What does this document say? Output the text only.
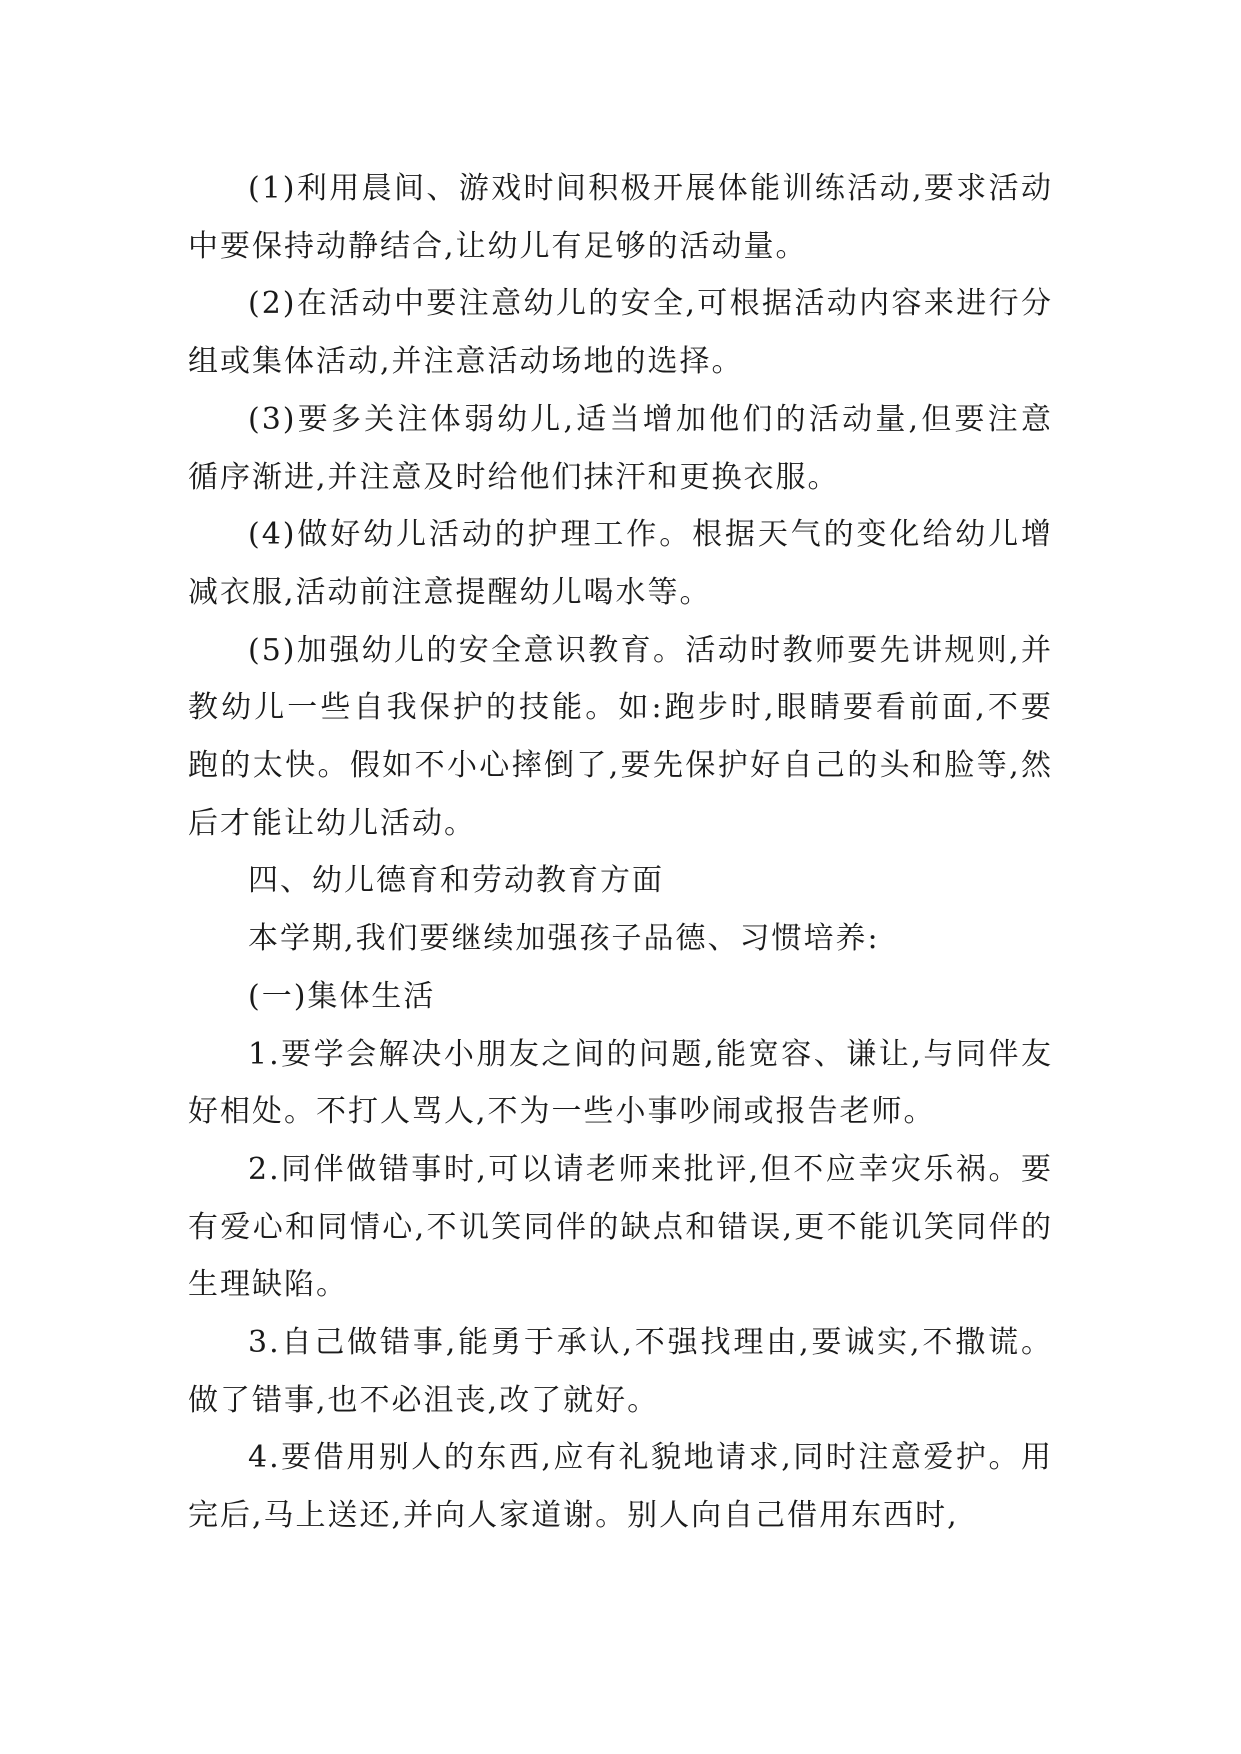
(1)利用晨间、游戏时间积极开展体能训练活动,要求活动中要保持动静结合,让幼儿有足够的活动量。

(2)在活动中要注意幼儿的安全,可根据活动内容来进行分组或集体活动,并注意活动场地的选择。

(3)要多关注体弱幼儿,适当增加他们的活动量,但要注意循序渐进,并注意及时给他们抹汗和更换衣服。

(4)做好幼儿活动的护理工作。根据天气的变化给幼儿增减衣服,活动前注意提醒幼儿喝水等。

(5)加强幼儿的安全意识教育。活动时教师要先讲规则,并教幼儿一些自我保护的技能。如:跑步时,眼睛要看前面,不要跑的太快。假如不小心摔倒了,要先保护好自己的头和脸等,然后才能让幼儿活动。

四、幼儿德育和劳动教育方面

本学期,我们要继续加强孩子品德、习惯培养:

(一)集体生活

1.要学会解决小朋友之间的问题,能宽容、谦让,与同伴友好相处。不打人骂人,不为一些小事吵闹或报告老师。

2.同伴做错事时,可以请老师来批评,但不应幸灾乐祸。要有爱心和同情心,不讥笑同伴的缺点和错误,更不能讥笑同伴的生理缺陷。

3.自己做错事,能勇于承认,不强找理由,要诚实,不撒谎。做了错事,也不必沮丧,改了就好。

4.要借用别人的东西,应有礼貌地请求,同时注意爱护。用完后,马上送还,并向人家道谢。别人向自己借用东西时,
